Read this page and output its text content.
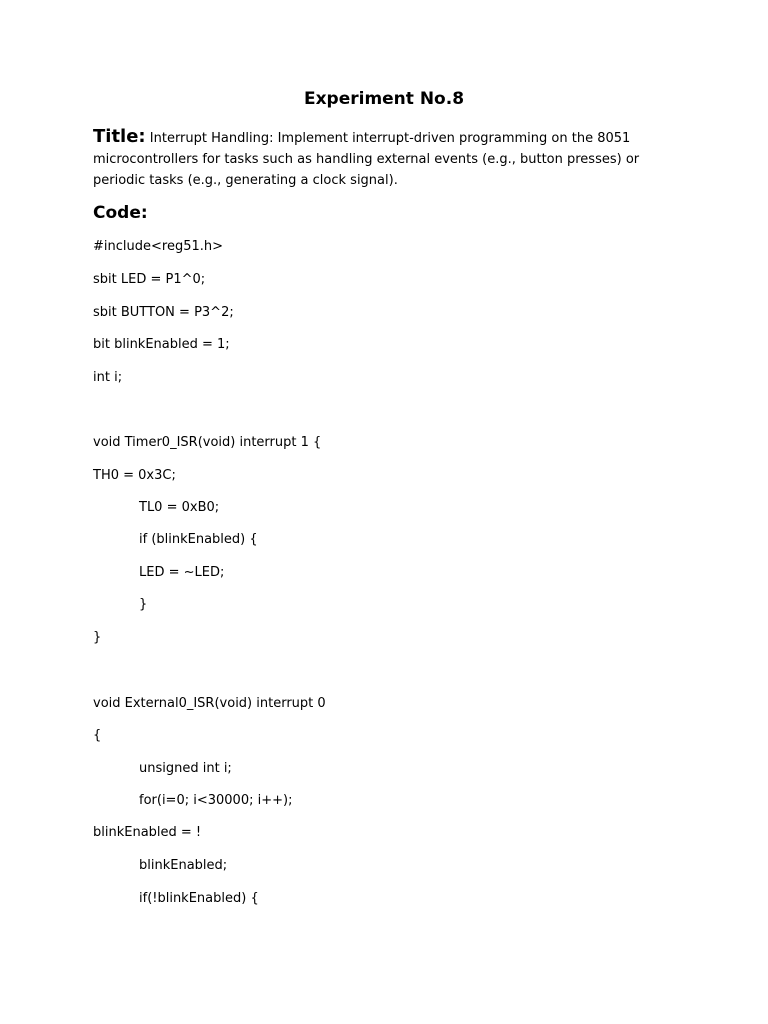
Experiment No.8
Title: Interrupt Handling: Implement interrupt-driven programming on the 8051 microcontrollers for tasks such as handling external events (e.g., button presses) or periodic tasks (e.g., generating a clock signal).
Code:
#include<reg51.h>
sbit LED = P1^0;
sbit BUTTON = P3^2;
bit blinkEnabled = 1;
int i;
void Timer0_ISR(void) interrupt 1 {
TH0 = 0x3C;
TL0 = 0xB0;
if (blinkEnabled) {
LED = ~LED;
}
}
void External0_ISR(void) interrupt 0
{
unsigned int i;
for(i=0; i<30000; i++);
blinkEnabled = !
blinkEnabled;
if(!blinkEnabled) {
